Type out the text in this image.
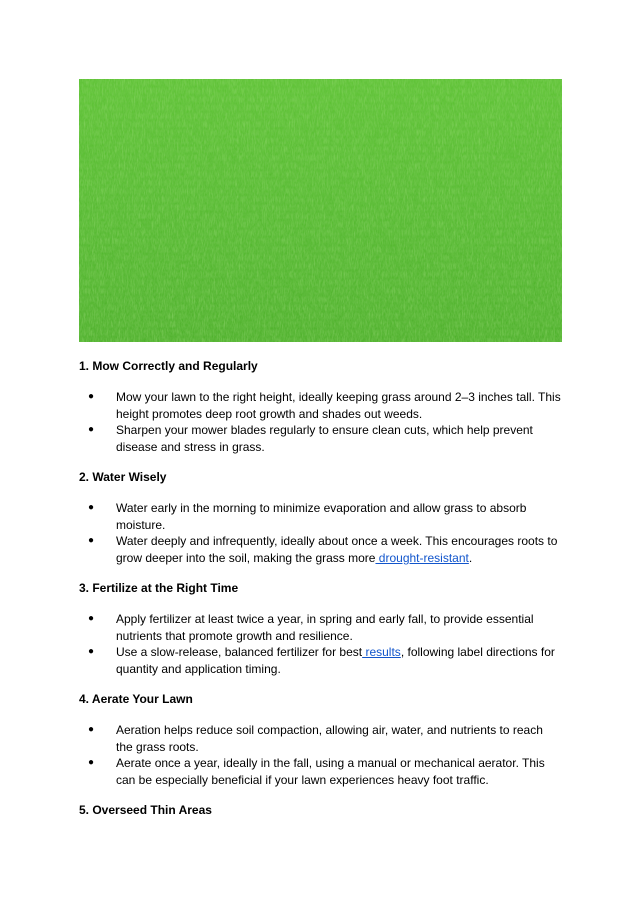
1. Mow Correctly and Regularly
● Mow your lawn to the right height, ideally keeping grass around 2–3 inches tall. This height promotes deep root growth and shades out weeds.
● Sharpen your mower blades regularly to ensure clean cuts, which help prevent disease and stress in grass.
2. Water Wisely
● Water early in the morning to minimize evaporation and allow grass to absorb moisture.
● Water deeply and infrequently, ideally about once a week. This encourages roots to grow deeper into the soil, making the grass more drought-resistant.
3. Fertilize at the Right Time
● Apply fertilizer at least twice a year, in spring and early fall, to provide essential nutrients that promote growth and resilience.
● Use a slow-release, balanced fertilizer for best results, following label directions for quantity and application timing.
4. Aerate Your Lawn
● Aeration helps reduce soil compaction, allowing air, water, and nutrients to reach the grass roots.
● Aerate once a year, ideally in the fall, using a manual or mechanical aerator. This can be especially beneficial if your lawn experiences heavy foot traffic.
5. Overseed Thin Areas
